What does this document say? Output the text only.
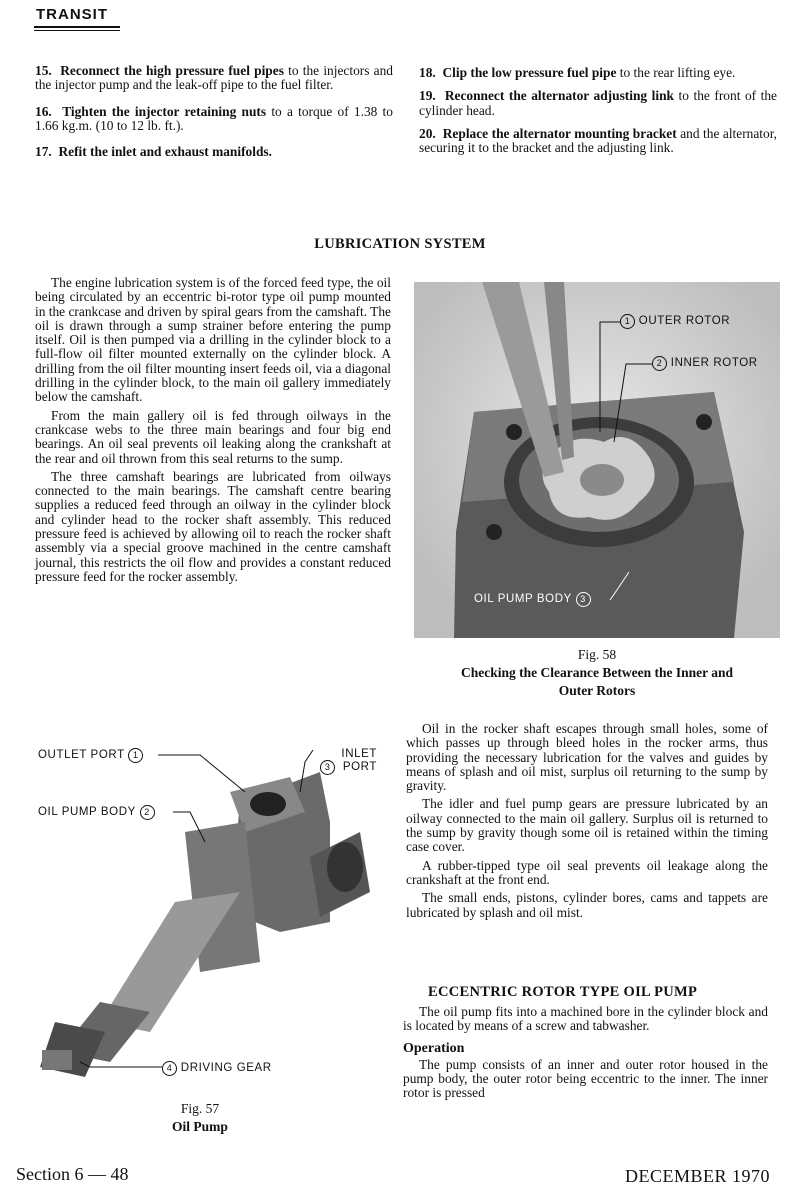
TRANSIT

15. Reconnect the high pressure fuel pipes to the injectors and the injector pump and the leak-off pipe to the fuel filter.

16. Tighten the injector retaining nuts to a torque of 1.38 to 1.66 kg.m. (10 to 12 lb. ft.).

17. Refit the inlet and exhaust manifolds.

18. Clip the low pressure fuel pipe to the rear lifting eye.

19. Reconnect the alternator adjusting link to the front of the cylinder head.

20. Replace the alternator mounting bracket and the alternator, securing it to the bracket and the adjusting link.

LUBRICATION SYSTEM

The engine lubrication system is of the forced feed type, the oil being circulated by an eccentric bi-rotor type oil pump mounted in the crankcase and driven by spiral gears from the camshaft. The oil is drawn through a sump strainer before entering the pump itself. Oil is then pumped via a drilling in the cylinder block to a full-flow oil filter mounted externally on the cylinder block. A drilling from the oil filter mounting insert feeds oil, via a diagonal drilling in the cylinder block, to the main oil gallery immediately below the camshaft.

From the main gallery oil is fed through oilways in the crankcase webs to the three main bearings and four big end bearings. An oil seal prevents oil leaking along the crankshaft at the rear and oil thrown from this seal returns to the sump.

The three camshaft bearings are lubricated from oilways connected to the main bearings. The camshaft centre bearing supplies a reduced feed through an oilway in the cylinder block and cylinder head to the rocker shaft assembly. This reduced pressure feed is achieved by allowing oil to reach the rocker shaft assembly via a special groove machined in the centre camshaft journal, this restricts the oil flow and provides a constant reduced pressure feed for the rocker assembly.

1 OUTER ROTOR
2 INNER ROTOR
OIL PUMP BODY 3
Fig. 58
Checking the Clearance Between the Inner and Outer Rotors

Oil in the rocker shaft escapes through small holes, some of which passes up through bleed holes in the rocker arms, thus providing the necessary lubrication for the valves and guides by means of splash and oil mist, surplus oil returning to the sump by gravity.

The idler and fuel pump gears are pressure lubricated by an oilway connected to the main oil gallery. Surplus oil is returned to the sump by gravity though some oil is retained within the timing case cover.

A rubber-tipped type oil seal prevents oil leakage along the crankshaft at the front end.

The small ends, pistons, cylinder bores, cams and tappets are lubricated by splash and oil mist.

ECCENTRIC ROTOR TYPE OIL PUMP

The oil pump fits into a machined bore in the cylinder block and is located by means of a screw and tabwasher.

Operation

The pump consists of an inner and outer rotor housed in the pump body, the outer rotor being eccentric to the inner. The inner rotor is pressed

OUTLET PORT 1
OIL PUMP BODY 2
3 INLET PORT
4 DRIVING GEAR
Fig. 57
Oil Pump
Section 6 — 48	DECEMBER 1970
